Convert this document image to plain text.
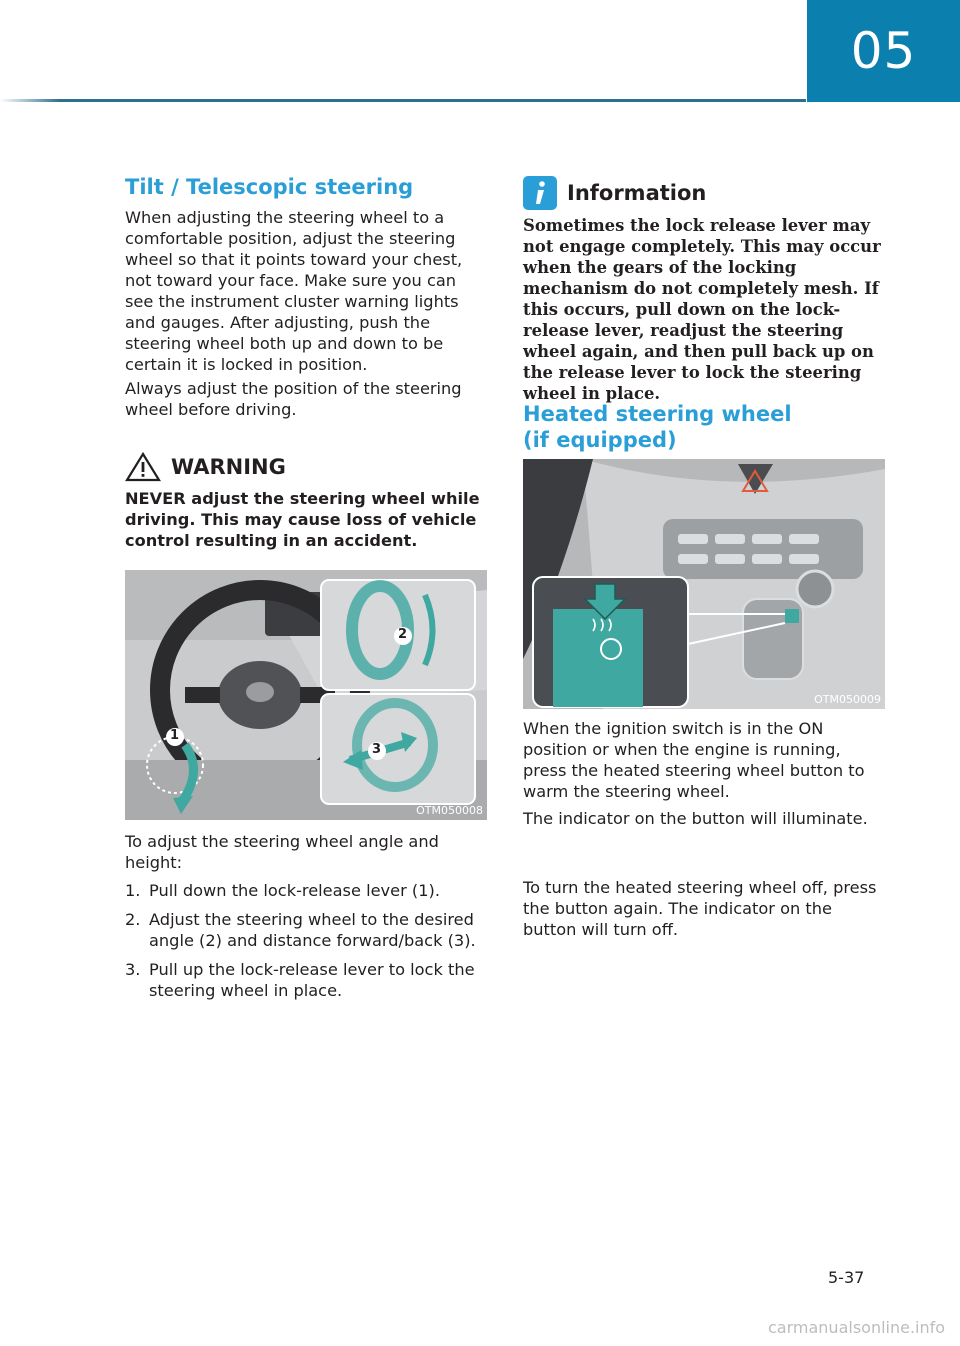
05
Tilt / Telescopic steering

When adjusting the steering wheel to a comfortable position, adjust the steering wheel so that it points toward your chest, not toward your face. Make sure you can see the instrument cluster warning lights and gauges. After adjusting, push the steering wheel both up and down to be certain it is locked in position.

Always adjust the position of the steering wheel before driving.

WARNING

NEVER adjust the steering wheel while driving. This may cause loss of vehicle control resulting in an accident.

1
2
3
OTM050008

To adjust the steering wheel angle and height:

1. Pull down the lock-release lever (1).
2. Adjust the steering wheel to the desired angle (2) and distance forward/back (3).
3. Pull up the lock-release lever to lock the steering wheel in place.
Information

Sometimes the lock release lever may not engage completely. This may occur when the gears of the locking mechanism do not completely mesh. If this occurs, pull down on the lock-release lever, readjust the steering wheel again, and then pull back up on the release lever to lock the steering wheel in place.

Heated steering wheel
(if equipped)
OTM050009

When the ignition switch is in the ON position or when the engine is running, press the heated steering wheel button to warm the steering wheel.

The indicator on the button will illuminate.

To turn the heated steering wheel off, press the button again. The indicator on the button will turn off.

5-37
carmanualsonline.info
